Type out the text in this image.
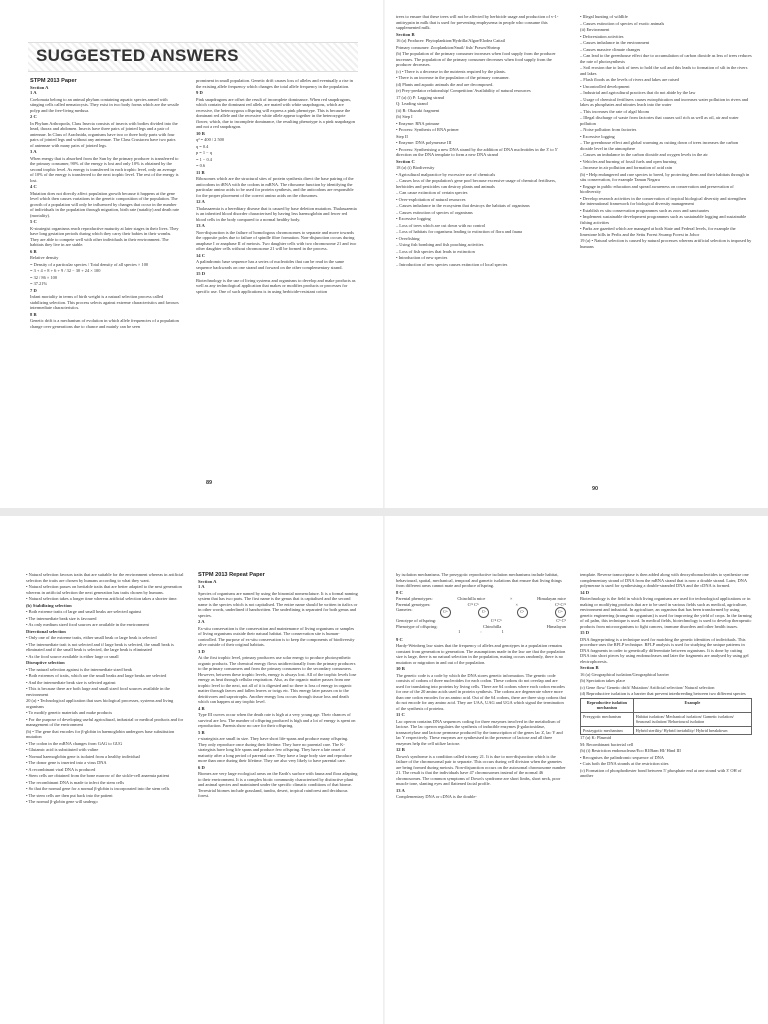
SUGGESTED ANSWERS
STPM 2013 Paper
Section A

1 A

Coelomata belong to an animal phylum containing aquatic species armed with stinging cells called nematocysts. They exist in two body forms which are the sessile polyp and the free-living medusa.

2 C

In Phylum Arthropoda, Class Insecta consists of insects with bodies divided into the head, thorax and abdomen. Insects have three pairs of jointed legs and a pair of antennae. In Class of Arachnida, organisms have two or three body parts with four pairs of jointed legs and without any antennae. The Class Crustacea have two pairs of antennae with many pairs of jointed legs.

3 A

When energy that is absorbed from the Sun by the primary producer is transferred to the primary consumer, 90% of the energy is lost and only 10% is obtained by the second trophic level. As energy is transferred in each trophic level, only an average of 10% of the energy is transferred to the next trophic level. The rest of the energy is lost.

4 C

Mutation does not directly affect population growth because it happens at the gene level which then causes variations in the genetic composition of the population. The growth of a population will only be influenced by changes that occur in the number of individuals in the population through migration, birth rate (natality) and death rate (mortality).

5 C

K-strategist organisms reach reproductive maturity at later stages in their lives. They have long gestation periods during which they carry their babies in their wombs. They are able to compete well with other individuals in their environment. The habitats they live in are stable.

6 B

Relative density

= Density of a particular species / Total density of all species × 100

= 3 + 4 + 8 + 6 + 9 / 32 − 30 + 24 × 100

= 32 / 86 × 100

= 37.21%

7 D

Infant mortality in terms of birth weight is a natural selection process called stabilizing selection. This process selects against extreme characteristics and favours intermediate characteristics.

8 B

Genetic drift is a mechanism of evolution in which allele frequencies of a population change over generations due to chance and mainly can be seen

prominent in small population. Genetic drift causes loss of alleles and eventually a rise in the existing allele frequency which changes the total allele frequency in the population.

9 D

Pink snapdragons are offset the result of incomplete dominance. When red snapdragons, which contain the dominant red allele, are mated with white snapdragons, which are recessive, the heterozygous offspring will express a pink phenotype. This is because the dominant red allele and the recessive white allele appear together in the heterozygote flower, which, due to incomplete dominance, the resulting phenotype is a pink snapdragon and not a red snapdragon.

10 B

q² = 400 / 2 500

q = 0.4

p = 1 − q

= 1 − 0.4

= 0.6

11 B

Ribosomes which are the structural sites of protein synthesis direct the base pairing of the anticodons in tRNA with the codons in mRNA. The ribosome function by identifying the particular amino acids to be used for protein synthesis, and the anticodons are responsible for the proper placement of the correct amino acids on the ribosomes.

12 A

Thalassaemia is a hereditary disease that is caused by base deletion mutation. Thalassaemia is an inherited blood disorder characterised by having less haemoglobin and fewer red blood cells in the body compared to a normal healthy body.

13 A

Non-disjunction is the failure of homologous chromosomes to separate and move towards the opposite poles due to failure of spindle fibre formation. Non-disjunction occurs during anaphase I or anaphase II of meiosis. Two daughter cells with two chromosome 21 and two other daughter cells without chromosome 21 will be formed in the process.

14 C

A palindromic base sequence has a series of nucleotides that can be read in the same sequence backwards on one strand and forward on the other complementary strand.

15 D

Biotechnology is the use of living systems and organisms to develop and make products as well as any technological application that makes or modifies products or processes for specific use. One of such applications is in using herbicide-resistant cotton

89

trees to ensure that these trees will not be affected by herbicide usage and production of v-1-antitrypsin in milk that is used for preventing emphysema in people who consume this supplemented milk.

Section B

16 (a) Producer: Phytoplankton/Hydrilla/Algae/Elodea Cattail

Primary consumer: Zooplankton/Snail/ fish/ Prawn/Shrimp

(b) The population of the primary consumer increases when food supply from the producer increases. The population of the primary consumer decreases when food supply from the producer decreases.

(c) • There is a decrease in the nutrients required by the plants.

• There is an increase in the population of the primary consumer.

(d) Plants and aquatic animals die and are decomposed.

(e) Prey-predator relationship/ Competition/ Availability of natural resources

17 (a) (i) P: Lagging strand

Q: Leading strand

(ii) R: Okazaki fragment

(b) Step I

• Enzyme: RNA primase

• Process: Synthesis of RNA primer

Step II

• Enzyme: DNA polymerase III

• Process: Synthesising a new DNA strand by the addition of DNA nucleotides in the 3' to 5' direction on the DNA template to form a new DNA strand

Section C

18 (a) (i) Biodiversity

• Agricultural malpractice by excessive use of chemicals

– Causes loss of the population's gene pool because excessive usage of chemical fertilisers, herbicides and pesticides can destroy plants and animals

– Can cause extinction of certain species

• Over-exploitation of natural resources

– Causes imbalance in the ecosystem that destroys the habitats of organisms

– Causes extinction of species of organisms

• Excessive logging

– Loss of trees which are cut down with no control

– Loss of habitats for organisms leading to extinction of flora and fauna

• Overfishing

– Using fish bombing and fish poaching activities

– Loss of fish species that leads to extinction

• Introduction of new species

– Introduction of new species causes extinction of local species

• Illegal hunting of wildlife

– Causes extinction of species of exotic animals

(ii) Environment

• Deforestation activities

– Causes imbalance in the environment

– Causes massive climate changes

– Can lead to the greenhouse effect due to accumulation of carbon dioxide as less of trees reduces the rate of photosynthesis

– Soil erosion due to lack of trees to hold the soil and this leads to formation of silt in the rivers and lakes

– Flash floods as the levels of rivers and lakes are raised

• Uncontrolled development

– Industrial and agricultural practices that do not abide by the law

– Usage of chemical fertilisers causes eutrophication and increases water pollution in rivers and lakes as phosphates and nitrates leach into the water

– This increases the rate of algal bloom

– Illegal discharge of waste from factories that causes soil rich as well as oil, air and water pollution

– Noise pollution from factories

• Excessive logging

– The greenhouse effect and global warming as cutting down of trees increases the carbon dioxide level in the atmosphere

– Causes an imbalance in the carbon dioxide and oxygen levels in the air

• Vehicles and burning of fossil fuels and open burning

– Increase in air pollution and formation of acid rain

(b) • Help endangered and rare species to breed, by protecting them and their habitats through in situ conservation, for example Taman Negara

• Engage in public education and spread awareness on conservation and preservation of biodiversity

• Develop research activities in the conservation of tropical biological diversity and strengthen the international framework for biological diversity management

• Establish ex situ conservation programmes such as zoos and sanctuaries

• Implement sustainable development programmes such as sustainable logging and sustainable fishing activities

• Parks are gazetted which are managed at both State and Federal levels, for example the limestone hills in Perlis and the Setiu Forest Swamp Forest in Johor

19 (a) • Natural selection is caused by natural processes whereas artificial selection is imposed by humans

90

• Natural selection favours traits that are suitable for the environment whereas in artificial selection the traits are chosen by humans according to what they want.

• Natural selection passes on heritable traits that are better adapted to the next generation whereas in artificial selection the next generation has traits chosen by humans.

• Natural selection takes a longer time whereas artificial selection takes a shorter time.

(b) Stabilizing selection

• Both extreme traits of large and small beaks are selected against

• The intermediate beak size is favoured

• As only medium sized food sources are available in the environment

Directional selection

• Only one of the extreme traits, either small beak or large beak is selected

• The intermediate trait is not selected and if large beak is selected, the small beak is eliminated and if the small beak is selected, the large beak is eliminated

• As the food source available is either large or small

Disruptive selection

• The natural selection against is the intermediate sized beak

• Both extremes of traits, which are the small beaks and large beaks are selected

• And the intermediate beak size is selected against

• This is because there are both large and small sized food sources available in the environment

20 (a) • Technological application that uses biological processes, systems and living organisms

• To modify genetic materials and make products

• For the purpose of developing useful agricultural, industrial or medical products and for management of the environment

(b) • The gene that encodes for β-globin in haemoglobin undergoes base substitution mutation

• The codon in the mRNA changes from GAG to GUG

• Glutamic acid is substituted with valine

• Normal haemoglobin gene is isolated from a healthy individual

• The donor gene is inserted into a virus DNA

• A recombinant viral DNA is produced

• Stem cells are obtained from the bone marrow of the sickle-cell anaemia patient

• The recombinant DNA is made to infect the stem cells

• So that the normal gene for a normal β-globin is incorporated into the stem cells

• The stem cells are then put back into the patient

• The normal β-globin gene will undergo

STPM 2013 Repeat Paper
Section A

1 A

Species of organisms are named by using the binomial nomenclature. It is a formal naming system that has two parts. The first name is the genus that is capitalised and the second name is the species which is not capitalised. The entire name should be written in italics or in other words, underlined if handwritten. The underlining is separated for both genus and species.

2 A

Ex-situ conservation is the conservation and maintenance of living organisms or samples of living organisms outside their natural habitat. The conservation site is human-controlled. The purpose of ex-situ conservation is to keep the components of biodiversity alive outside of their original habitats.

3 D

At the first trophic level, primary producers use solar energy to produce photosynthetic organic products. The chemical energy flows unidirectionally from the primary producers to the primary consumers and from the primary consumers to the secondary consumers. However, between these trophic levels, energy is always lost. All of the trophic levels lose energy as heat through cellular respiration. Also, as the organic matter passes from one trophic level to the next, not all of it is digested and so there is loss of energy in organic matter through faeces and fallen leaves or twigs etc. This energy later passes on to the detritivores and saprotrophs. Another energy loss occurs through tissue loss and death which can happen at any trophic level.

4 B

Type III curves occur when the death rate is high at a very young age. Their chances of survival are low. The number of offspring produced is high and a lot of energy is spent on reproduction. Parents show no care for their offspring.

5 B

r-strategists are small in size. They have short life-spans and produce many offspring. They only reproduce once during their lifetime. They have no parental care. The K-strategists have long life spans and produce few offspring. They have a late onset of maturity after a long period of parental care. They have a large body size and reproduce more than once during their lifetime. They are also very likely to have parental care.

6 D

Biomes are very large ecological areas on the Earth's surface with fauna and flora adapting to their environment. It is a complex biotic community characterised by distinctive plant and animal species and maintained under the specific climatic conditions of that biome. Terrestrial biomes include grassland, tundra, desert, tropical rainforest and deciduous forest.

by isolation mechanisms. The prezygotic reproductive isolation mechanisms include habitat, behavioural, spatial, mechanical, temporal and gametic isolations that ensure that living things from different areas cannot mate and produce offspring.

8 C

Parental phenotypes:	Chinchilla mice	×	Himalayan mice
Parental genotypes:	Cᶜʰ Cʰ	×	Cʰ Cᶜʰ
Gametes:	Cᶜʰ	Cʰ	Cʰ	Cᶜʰ
Genotype of offspring:	Cᶜʰ Cʰ	Cʰ Cʰ
Phenotype of offspring:	Chinchilla	Himalayan
1	:	1

9 C

Hardy-Weinberg law states that the frequency of alleles and genotypes in a population remains constant from generation to generation. The assumptions made in the law are that the population size is large, there is no natural selection in the population, mating occurs randomly, there is no mutation or migration in and out of the population.

10 B

The genetic code is a code by which the DNA stores genetic information. The genetic code consists of codons of three nucleotides for each codon. These codons do not overlap and are used for translating into proteins by living cells. There are 64 codons where each codon encodes for one of the 20 amino acids used in protein synthesis. The codons are degenerate where more than one codon encodes for an amino acid. Out of the 64 codons, there are three stop codons that do not encode for any amino acid. They are UAA, UAG and UGA which signal the termination of the synthesis of proteins.

11 C

Lac operon contains DNA sequences coding for three enzymes involved in the metabolism of lactose. The lac operon regulates the synthesis of inducible enzymes β-galactosidase, transacetylase and lactose permease produced by the transcription of the genes lac Z, lac Y and lac Y respectively. These enzymes are synthesised in the presence of lactose and all three enzymes help the cell utilize lactose.

12 B

Down's syndrome is a condition called trisomy 21. It is due to non-disjunction which is the failure of the chromosomal pair to separate. This occurs during cell division when the gametes are being formed during meiosis. Non-disjunction occurs on the autosomal chromosome number 21. The result is that the individuals have 47 chromosomes instead of the normal 46 chromosomes. The common symptoms of Down's syndrome are short limbs, short neck, poor muscle tone, slanting eyes and flattened facial profile.

13 A

Complementary DNA or cDNA is the double-

template. Reverse transcriptase is then added along with deoxyribonucleotides to synthesise one complementary strand of DNA from the mRNA strand that is now a double strand. Later, DNA polymerase is used for synthesising a double-stranded DNA and the cDNA is formed.

14 D

Biotechnology is the field in which living organisms are used for technological applications or in making or modifying products that are to be used in various fields such as medical, agriculture, environment and industrial. In agriculture, an organism that has been transformed by using genetic engineering (transgenic organism) is used for improving the yield of crops. In the farming of oil palm, this technique is used. In medical fields, biotechnology is used to develop therapeutic products from microorganisms to fight cancers, immune disorders and other health issues.

15 D

DNA fingerprinting is a technique used for matching the genetic identities of individuals. This procedure uses the RFLP technique. RFLP analysis is used for studying the unique patterns in DNA fragments in order to genetically differentiate between organisms. It is done by cutting DNA into short pieces by using endonucleases and later the fragments are analysed by using gel electrophoresis.

Section B

16 (a) Geographical isolation/Geographical barrier

(b) Speciation takes place

(c) Gene flow/ Genetic drift/ Mutation/ Artificial selection/ Natural selection

(d) Reproductive isolation is a barrier that prevent interbreeding between two different species

Reproductive isolation mechanism	Example
Prezygotic mechanism	Habitat isolation/ Mechanical isolation/ Gametic isolation/ Seasonal isolation/ Behavioural isolation
Postzygotic mechanism	Hybrid sterility/ Hybrid inviability/ Hybrid breakdown

17 (a) K: Plasmid

M: Recombinant bacterial cell

(b) (i) Restriction endonuclease/Eco RI/Bam HI/ Hind III

• Recognises the palindromic sequence of DNA

• Cuts both the DNA strands at the restriction sites

(c) Formation of phosphodiester bond between 5' phosphate end at one strand with 3' OH of another
